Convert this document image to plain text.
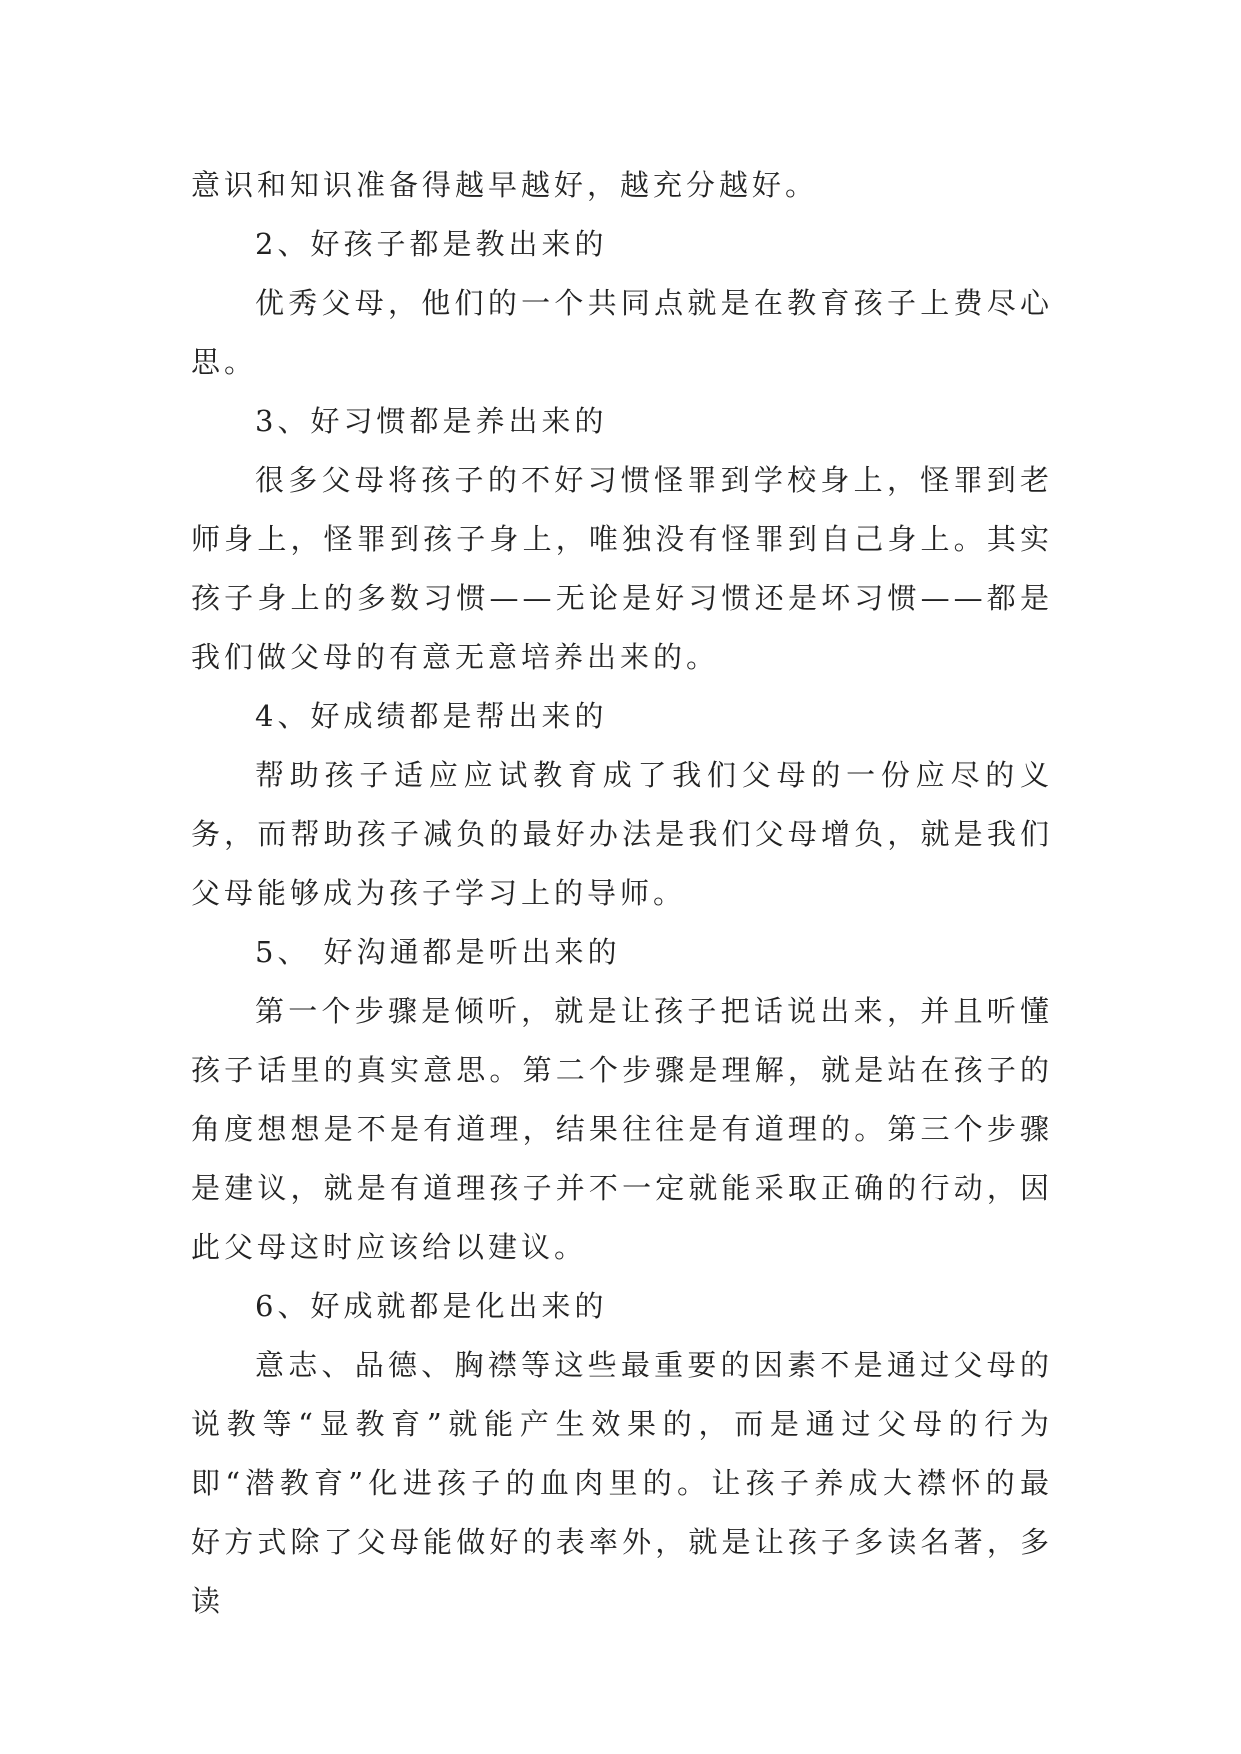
意识和知识准备得越早越好，越充分越好。

2、好孩子都是教出来的

优秀父母，他们的一个共同点就是在教育孩子上费尽心思。

3、好习惯都是养出来的

很多父母将孩子的不好习惯怪罪到学校身上，怪罪到老师身上，怪罪到孩子身上，唯独没有怪罪到自己身上。其实孩子身上的多数习惯——无论是好习惯还是坏习惯——都是我们做父母的有意无意培养出来的。

4、好成绩都是帮出来的

帮助孩子适应应试教育成了我们父母的一份应尽的义务，而帮助孩子减负的最好办法是我们父母增负，就是我们父母能够成为孩子学习上的导师。

5、 好沟通都是听出来的

第一个步骤是倾听，就是让孩子把话说出来，并且听懂孩子话里的真实意思。第二个步骤是理解，就是站在孩子的角度想想是不是有道理，结果往往是有道理的。第三个步骤是建议，就是有道理孩子并不一定就能采取正确的行动，因此父母这时应该给以建议。

6、好成就都是化出来的

意志、品德、胸襟等这些最重要的因素不是通过父母的说教等“显教育”就能产生效果的，而是通过父母的行为即“潜教育”化进孩子的血肉里的。让孩子养成大襟怀的最好方式除了父母能做好的表率外，就是让孩子多读名著，多读
